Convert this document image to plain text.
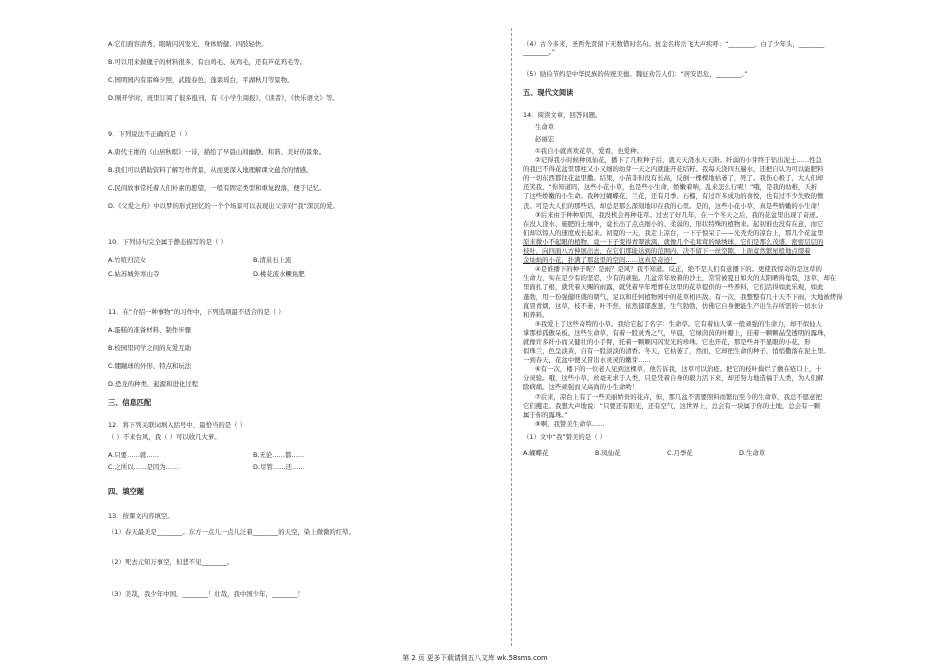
A.它们面容清秀、眼睛闪闪发光、身体娇健、四肢轻快。

B.可以用来做毽子的材料很多，有白鸡毛、灰鸡毛，还有芦花鸡毛等。

C.园明园内有雷峰夕照，武陵春色，蓬莱瑶台，平湖秋月等景物。

D.刚开学时，班里订阅了很多报刊，有《小学生周报》，《读者》，《快乐语文》等。

9．下列说法不正确的是（ ）

A.唐代王维的《山居秋暝》一诗，描绘了早晨山间幽静、和谐、美好的景象。

B.我们可以借助资料了解写作背景，从而更深入地理解课文蕴含的情感。

C.民间故事常托着人们朴素的愿望，一般有固定类型和重复段落，便于记忆。

D.《父爱之舟》中以梦的形式回忆的一个个场景可以表现出父亲对“我”深沉的爱。

10．下列诗句完全属于静态描写的是（ ）

A.竹喧归浣女	B.清泉石上流
C.姑苏城外寒山寺	D.桃花流水鳜鱼肥

11．在“介绍一种事物”的习作中，下列选项最不适合的是（ ）

A.蛋糕的准备材料、制作步骤

B.校园里同学之间的友爱互助

C.绷蹦球的外形、特点和玩法

D.恐龙的种类、起源和进化过程

三、信息匹配

12．将下列关联词填入括号中，最恰当的是（ ）

（ ）不来台风，我（ ）可以收几大萝。

A.只要……就……	B.无论……都……
C.之所以……是因为……	D.尽管……还……

四、填空题

13．按课文内容填空。

（1）春天最美是________。东方一点儿一点儿泛着________的天空，染上微微的红晕。

（2）死去元知万事空，但悲不见________。

（3）美哉，我少年中国，________！壮哉，我中国少年，________！

（4）古今多来，圣哲先贤留下无数惜时名句。抗金名将岳飞大声疾呼：“________，白了少年头，________

________。”

（5）励俭节约是中华民族的传统美德。魏征劝告人们：“居安思危，________。”

五、现代文阅读

14．阅读文章，回答问题。

生命草

赵丽宏

①我自小就喜欢花草，爱看，也爱种。

②记得我小时候种凤仙花，播下了几粒种子后，就天天浇水天天盼。纤弱的小芽终于钻出泥土……性急

的我巴不得花盆里那柱又小又细的幼芽一天之内就能开花结籽。我每天浇四五遍水，还把自认为可以能肥料

的一切东西都往花盆里撒。结果，小苗非但没有长高，反倒一棵棵地枯萎了，死了。我伤心极了，大人们却

还笑我，“你知道吗，这些小花小草，也是些小生命，娇嫩着呐，乱来怎么行呢！”哦，是我的幼稚，夭折

了这些娇嫩的小生命。我种过蝴蝶花、兰花，还有月季、石榴，有过许多成功的喜悦，也有过不少失败的懊

丧。可是大人们的那些话，却总是那么深刻地印在我的心里。是的，这些小花小草，真是些娇嫩的小生命！

③后来由于种种原因，我没机会再种花草。过去了好几年，在一个冬天之后，我的花盆里出现了奇迹。

在没人浇水、施肥的土壤中，竟长出了点点细小的、柔弱的、形状特殊的植物来。起初谁也没有在意，而它

们却以惊人的速度成长起来。初夏的一天，我走上凉台，一下子惊呆了——光秃秃的凉台上，那几个花盆里

原来微小不起眼的植物，竟一下子变得青翠欲滴，就像几个毛茸茸的绿绣球，它们是那么茂盛，密密层层的

枝叶，向四面八方伸展出去，在它们那能达到的范围内，决不留下一丝空隙，上面竟然繁星般地点缀着

金灿灿的小花，扑满了那盆里的空间……这真是奇迹！

④是谁播下的种子呢？是雨？是风？我不知道。反正，绝不是人们有意播下的。更使我惊奇的是这草的

生命力，实在是少有的坚忍，少有的顽强。几盆常年放着的沙土，常常被夏日如火的太阳晒得龟裂，这草，却在

里面扎了根，就凭着天赐的雨露，就凭着早年埋葬在这里的花草提供的一些养料，它们活得如此乐观，如此

蓬勃，用一份强健旺盛的朝气，足以和任何植物园中的花草相匹敌。有一次，我整整有几十天不下雨，大地被烤得

直冒青烟，这草，枝不萎，叶不焦，依然郁郁葱葱，生气勃勃，仿佛它自身便能生产出生存所需的一切水分

和养料。

⑤我爱上了这些奇特的小草。我给它起了名字：生命草。它有着仙人掌一般顽强的生命力，却不似仙人

掌那样孤傲呆板。这些生命草，有着一股灵秀之气，早晨，它绿茵茵的叶瓣上，挂着一颗颗晶莹透明的露珠，

就像许多纤小而又健壮的小手臂，托着一颗颗闪闪发光的珍珠。它也开花，那是些并不显眼的小花，形

似珠兰，色呈淡黄，自有一股淡淡的清香。冬天，它枯萎了，然而，它却把生命的种子，悄悄撒落在泥土里。

一到春天，花盆中便又冒出水灵灵的嫩芽……

⑥有一次，楼下的一位老人见到这棵草，他告诉我，这草可以治疮。把它的枝叶捣烂了敷在疮口上，十

分灵验。哦，这些小草，丝毫无求于人类，只是凭着自身的毅力活下来，却还努力地造福于人类，为人们解

除病痛。这些顽强而又高尚的小生命哟！

⑦后来，凉台上有了一些美丽娇贵的花卉，但，那几盆不需要照料而繁衍至今的生命草，我总不愿意把

它们攫走。我想大声地说：“只要还有阳光，还有空气，这世界上，总会有一块属于你的土地，总会有一颗

属于你的露珠。”

⑧啊，我赞美生命草……

（1）文中“我”赞美的是（ ）

A.蝴蝶花	B.凤仙花	C.月季花	D.生命草
第 2 页 更多下载请到五八文库 wk.58sms.com
